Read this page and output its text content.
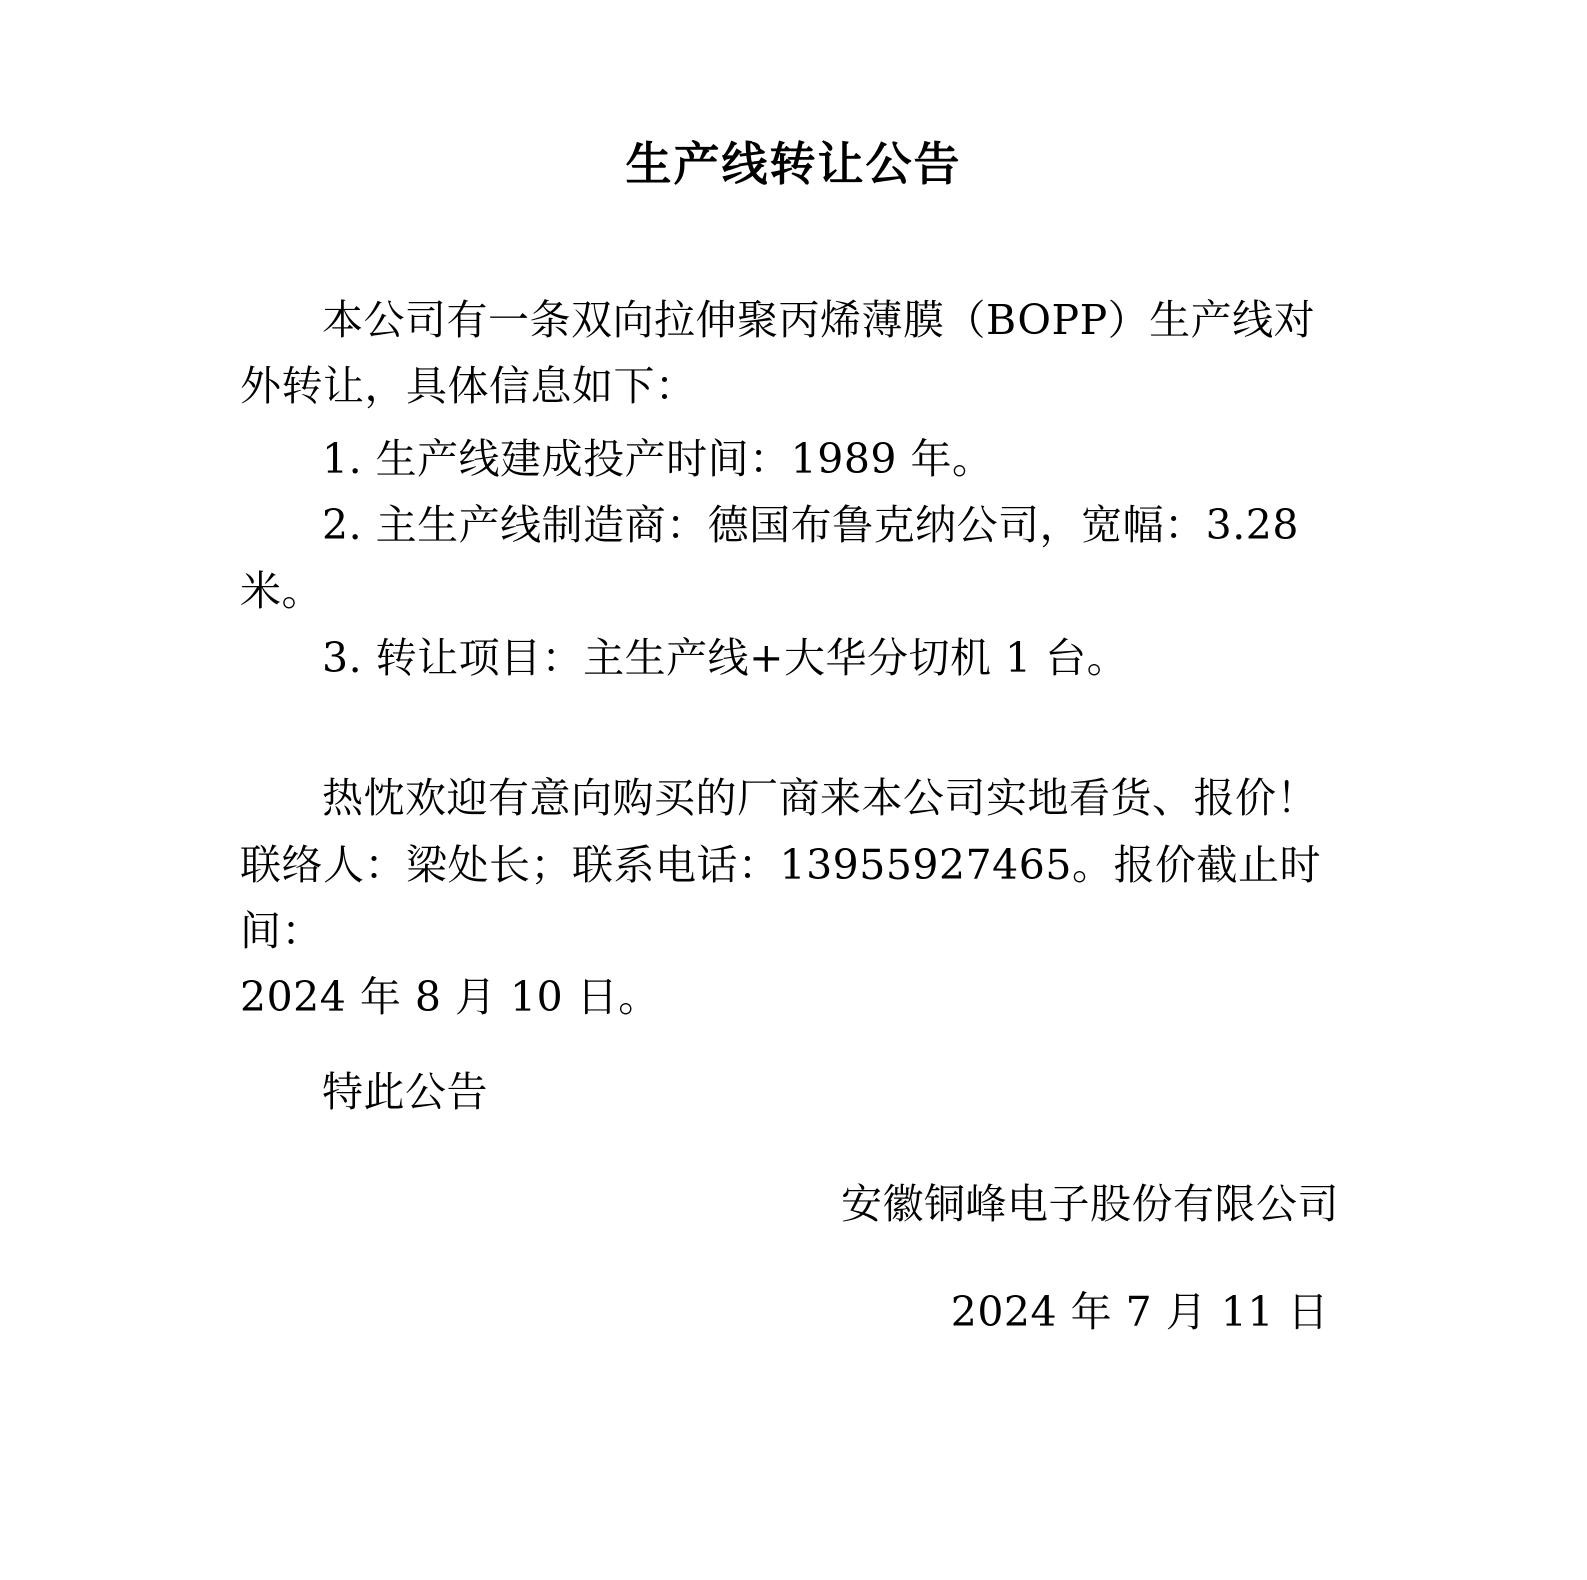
生产线转让公告

本公司有一条双向拉伸聚丙烯薄膜（BOPP）生产线对外转让，具体信息如下：

1. 生产线建成投产时间：1989 年。
2. 主生产线制造商：德国布鲁克纳公司，宽幅：3.28 米。
3. 转让项目：主生产线+大华分切机 1 台。

热忱欢迎有意向购买的厂商来本公司实地看货、报价！

联络人：梁处长；联系电话：13955927465。报价截止时间：

2024 年 8 月 10 日。

特此公告

安徽铜峰电子股份有限公司

2024 年 7 月 11 日
